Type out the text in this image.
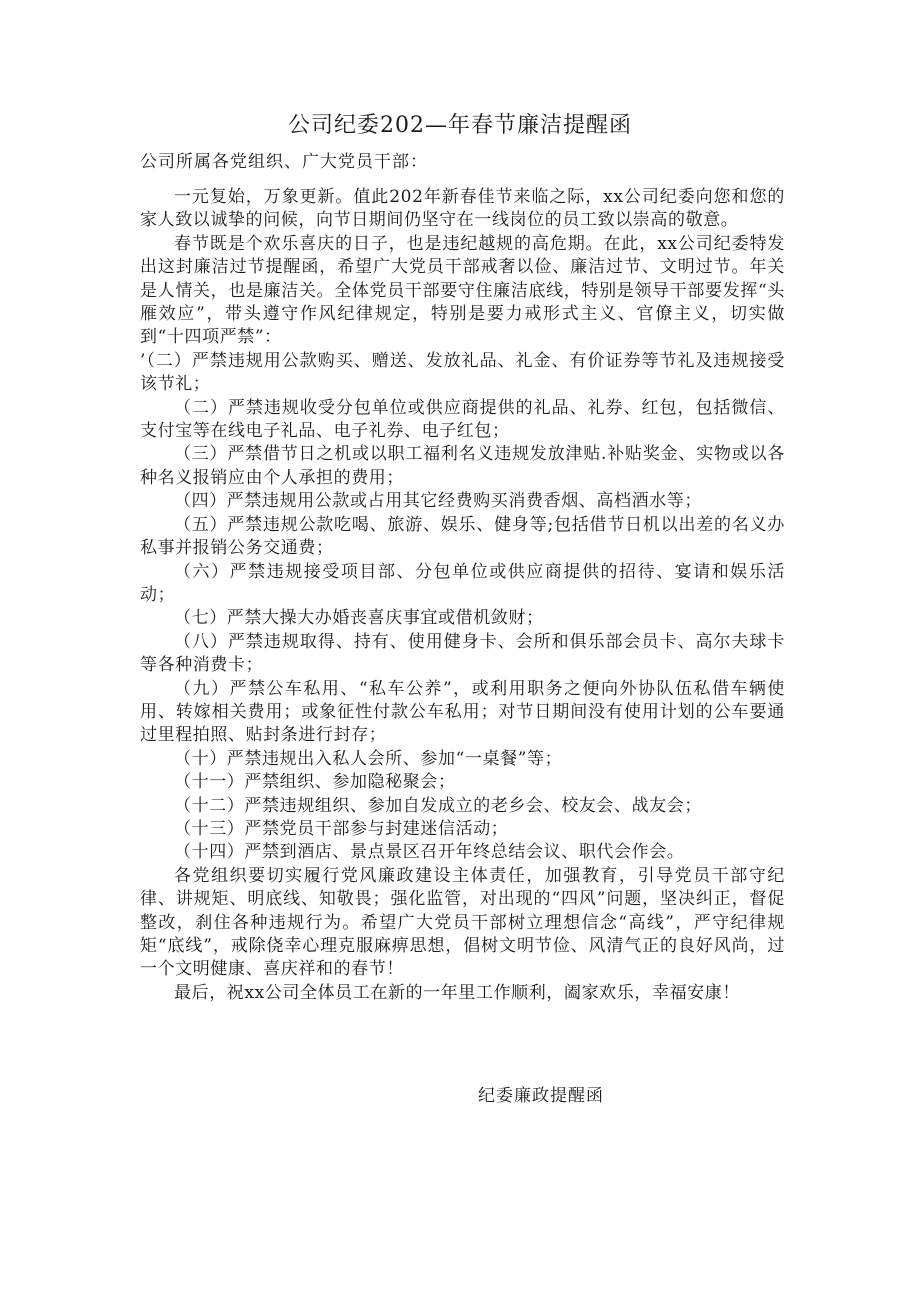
公司纪委202—年春节廉洁提醒函
公司所属各党组织、广大党员干部：

一元复始，万象更新。值此202年新春佳节来临之际，xx公司纪委向您和您的家人致以诚挚的问候，向节日期间仍坚守在一线岗位的员工致以崇高的敬意。

春节既是个欢乐喜庆的日子，也是违纪越规的高危期。在此，xx公司纪委特发出这封廉洁过节提醒函，希望广大党员干部戒奢以俭、廉洁过节、文明过节。年关是人情关，也是廉洁关。全体党员干部要守住廉洁底线，特别是领导干部要发挥“头雁效应”，带头遵守作风纪律规定，特别是要力戒形式主义、官僚主义，切实做到“十四项严禁”：

’（二）严禁违规用公款购买、赠送、发放礼品、礼金、有价证券等节礼及违规接受该节礼；

（二）严禁违规收受分包单位或供应商提供的礼品、礼券、红包，包括微信、支付宝等在线电子礼品、电子礼券、电子红包；

（三）严禁借节日之机或以职工福利名义违规发放津贴.补贴奖金、实物或以各种名义报销应由个人承担的费用；

（四）严禁违规用公款或占用其它经费购买消费香烟、高档酒水等；

（五）严禁违规公款吃喝、旅游、娱乐、健身等;包括借节日机以出差的名义办私事并报销公务交通费；

（六）严禁违规接受项目部、分包单位或供应商提供的招待、宴请和娱乐活动；

（七）严禁大操大办婚丧喜庆事宜或借机敛财；

（八）严禁违规取得、持有、使用健身卡、会所和俱乐部会员卡、高尔夫球卡等各种消费卡；

（九）严禁公车私用、“私车公养”，或利用职务之便向外协队伍私借车辆使用、转嫁相关费用；或象征性付款公车私用；对节日期间没有使用计划的公车要通过里程拍照、贴封条进行封存；

（十）严禁违规出入私人会所、参加“一桌餐”等；

（十一）严禁组织、参加隐秘聚会；

（十二）严禁违规组织、参加自发成立的老乡会、校友会、战友会；

（十三）严禁党员干部参与封建迷信活动；

（十四）严禁到酒店、景点景区召开年终总结会议、职代会作会。

各党组织要切实履行党风廉政建设主体责任，加强教育，引导党员干部守纪律、讲规矩、明底线、知敬畏；强化监管，对出现的“四风”问题，坚决纠正，督促整改，刹住各种违规行为。希望广大党员干部树立理想信念“高线”，严守纪律规矩“底线”，戒除侥幸心理克服麻痹思想，倡树文明节俭、风清气正的良好风尚，过一个文明健康、喜庆祥和的春节！

最后，祝xx公司全体员工在新的一年里工作顺利，阖家欢乐，幸福安康！

纪委廉政提醒函
